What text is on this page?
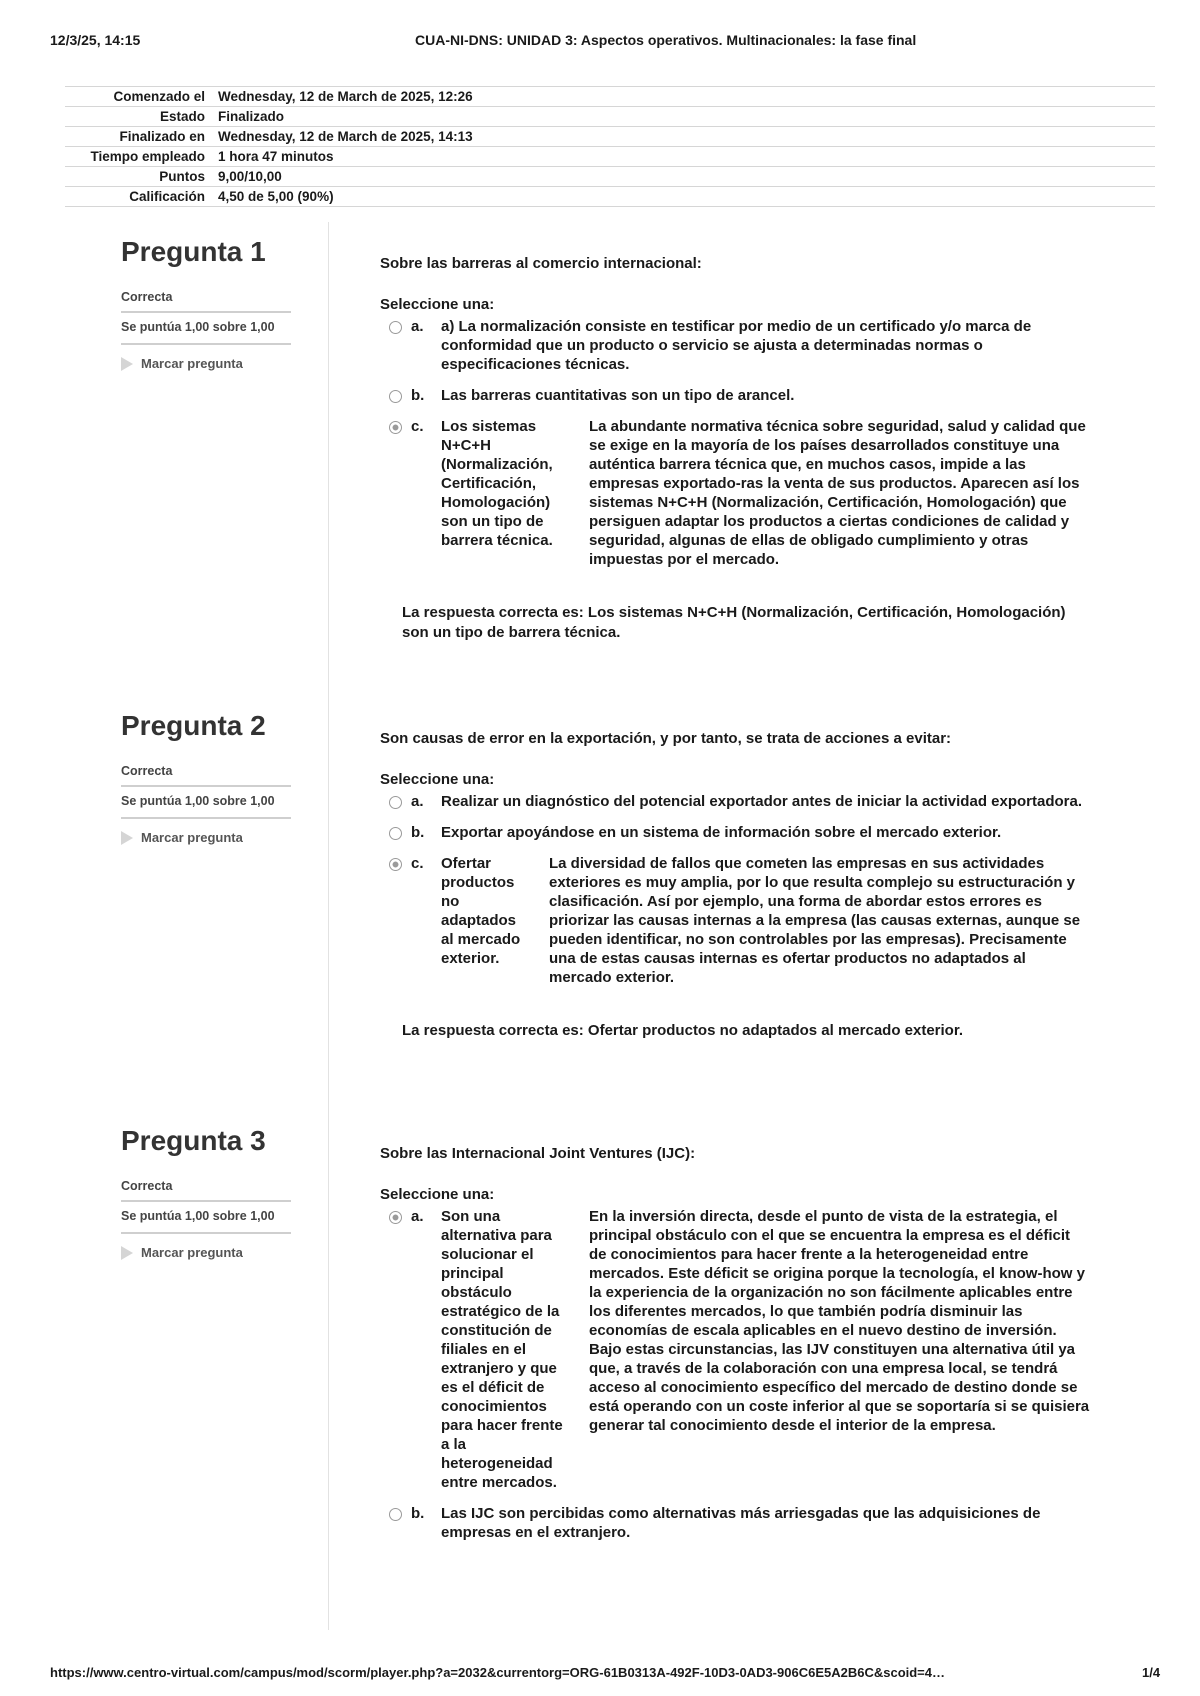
12/3/25, 14:15	CUA-NI-DNS: UNIDAD 3: Aspectos operativos. Multinacionales: la fase final
Comenzado el	Wednesday, 12 de March de 2025, 12:26
Estado	Finalizado
Finalizado en	Wednesday, 12 de March de 2025, 14:13
Tiempo empleado	1 hora 47 minutos
Puntos	9,00/10,00
Calificación	4,50 de 5,00 (90%)
Pregunta 1
Correcta
Se puntúa 1,00 sobre 1,00
Marcar pregunta

Sobre las barreras al comercio internacional:

Seleccione una:

a.	a) La normalización consiste en testificar por medio de un certificado y/o marca de conformidad que un producto o servicio se ajusta a determinadas normas o especificaciones técnicas.
b.	Las barreras cuantitativas son un tipo de arancel.
c.	Los sistemas N+C+H (Normalización, Certificación, Homologación) son un tipo de barrera técnica.
La abundante normativa técnica sobre seguridad, salud y calidad que se exige en la mayoría de los países desarrollados constituye una auténtica barrera técnica que, en muchos casos, impide a las empresas exportado-ras la venta de sus productos. Aparecen así los sistemas N+C+H (Normalización, Certificación, Homologación) que persiguen adaptar los productos a ciertas condiciones de calidad y seguridad, algunas de ellas de obligado cumplimiento y otras impuestas por el mercado.
La respuesta correcta es: Los sistemas N+C+H (Normalización, Certificación, Homologación) son un tipo de barrera técnica.
Pregunta 2
Correcta
Se puntúa 1,00 sobre 1,00
Marcar pregunta

Son causas de error en la exportación, y por tanto, se trata de acciones a evitar:

Seleccione una:

a.	Realizar un diagnóstico del potencial exportador antes de iniciar la actividad exportadora.
b.	Exportar apoyándose en un sistema de información sobre el mercado exterior.
c.	Ofertar productos no adaptados al mercado exterior.
La diversidad de fallos que cometen las empresas en sus actividades exteriores es muy amplia, por lo que resulta complejo su estructuración y clasificación. Así por ejemplo, una forma de abordar estos errores es priorizar las causas internas a la empresa (las causas externas, aunque se pueden identificar, no son controlables por las empresas). Precisamente una de estas causas internas es ofertar productos no adaptados al mercado exterior.
La respuesta correcta es: Ofertar productos no adaptados al mercado exterior.
Pregunta 3
Correcta
Se puntúa 1,00 sobre 1,00
Marcar pregunta

Sobre las Internacional Joint Ventures (IJC):

Seleccione una:

a.	Son una alternativa para solucionar el principal obstáculo estratégico de la constitución de filiales en el extranjero y que es el déficit de conocimientos para hacer frente a la heterogeneidad entre mercados.
En la inversión directa, desde el punto de vista de la estrategia, el principal obstáculo con el que se encuentra la empresa es el déficit de conocimientos para hacer frente a la heterogeneidad entre mercados. Este déficit se origina porque la tecnología, el know-how y la experiencia de la organización no son fácilmente aplicables entre los diferentes mercados, lo que también podría disminuir las economías de escala aplicables en el nuevo destino de inversión. Bajo estas circunstancias, las IJV constituyen una alternativa útil ya que, a través de la colaboración con una empresa local, se tendrá acceso al conocimiento específico del mercado de destino donde se está operando con un coste inferior al que se soportaría si se quisiera generar tal conocimiento desde el interior de la empresa.
b.	Las IJC son percibidas como alternativas más arriesgadas que las adquisiciones de empresas en el extranjero.
https://www.centro-virtual.com/campus/mod/scorm/player.php?a=2032&currentorg=ORG-61B0313A-492F-10D3-0AD3-906C6E5A2B6C&scoid=4…	1/4
